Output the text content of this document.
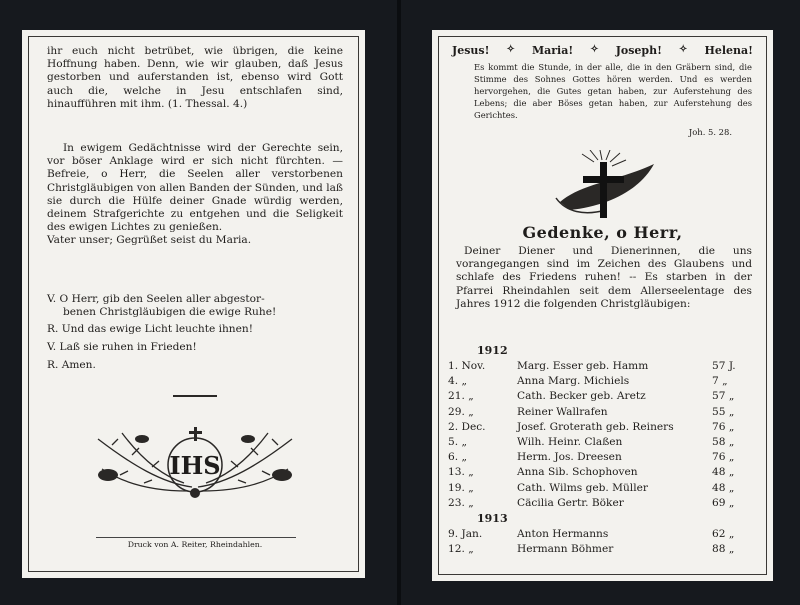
ihr euch nicht betrübet, wie übrigen, die keine Hoffnung haben. Denn, wie wir glauben, daß Jesus gestorben und auferstanden ist, ebenso wird Gott auch die, welche in Jesu entschlafen sind, hinaufführen mit ihm. (1. Thessal. 4.)

In ewigem Gedächtnisse wird der Gerechte sein, vor böser Anklage wird er sich nicht fürchten. — Befreie, o Herr, die Seelen aller verstorbenen Christgläubigen von allen Banden der Sünden, und laß sie durch die Hülfe deiner Gnade würdig werden, deinem Strafgerichte zu entgehen und die Seligkeit des ewigen Lichtes zu genießen.
Vater unser; Gegrüßet seist du Maria.

V. O Herr, gib den Seelen aller abgestor-
benen Christgläubigen die ewige Ruhe!
R. Und das ewige Licht leuchte ihnen!
V. Laß sie ruhen in Frieden!
R. Amen.
IHS
Druck von A. Reiter, Rheindahlen.
Jesus! ✧ Maria! ✧ Joseph! ✧ Helena!
Es kommt die Stunde, in der alle, die in den Gräbern sind, die Stimme des Sohnes Gottes hören werden. Und es werden hervorgehen, die Gutes getan haben, zur Auferstehung des Lebens; die aber Böses getan haben, zur Auferstehung des Gerichtes.
Joh. 5. 28.
Gedenke, o Herr,
Deiner Diener und Dienerinnen, die uns vorangegangen sind im Zeichen des Glaubens und schlafe des Friedens ruhen! -- Es starben in der Pfarrei Rheindahlen seit dem Allerseelentage des Jahres 1912 die folgenden Christgläubigen:
1912
1. Nov.	Marg. Esser geb. Hamm	57 J.
4. „	Anna Marg. Michiels	7 „
21. „	Cath. Becker geb. Aretz	57 „
29. „	Reiner Wallrafen	55 „
2. Dec.	Josef. Groterath geb. Reiners	76 „
5. „	Wilh. Heinr. Claßen	58 „
6. „	Herm. Jos. Dreesen	76 „
13. „	Anna Sib. Schophoven	48 „
19. „	Cath. Wilms geb. Müller	48 „
23. „	Cäcilia Gertr. Böker	69 „
1913
9. Jan.	Anton Hermanns	62 „
12. „	Hermann Böhmer	88 „
